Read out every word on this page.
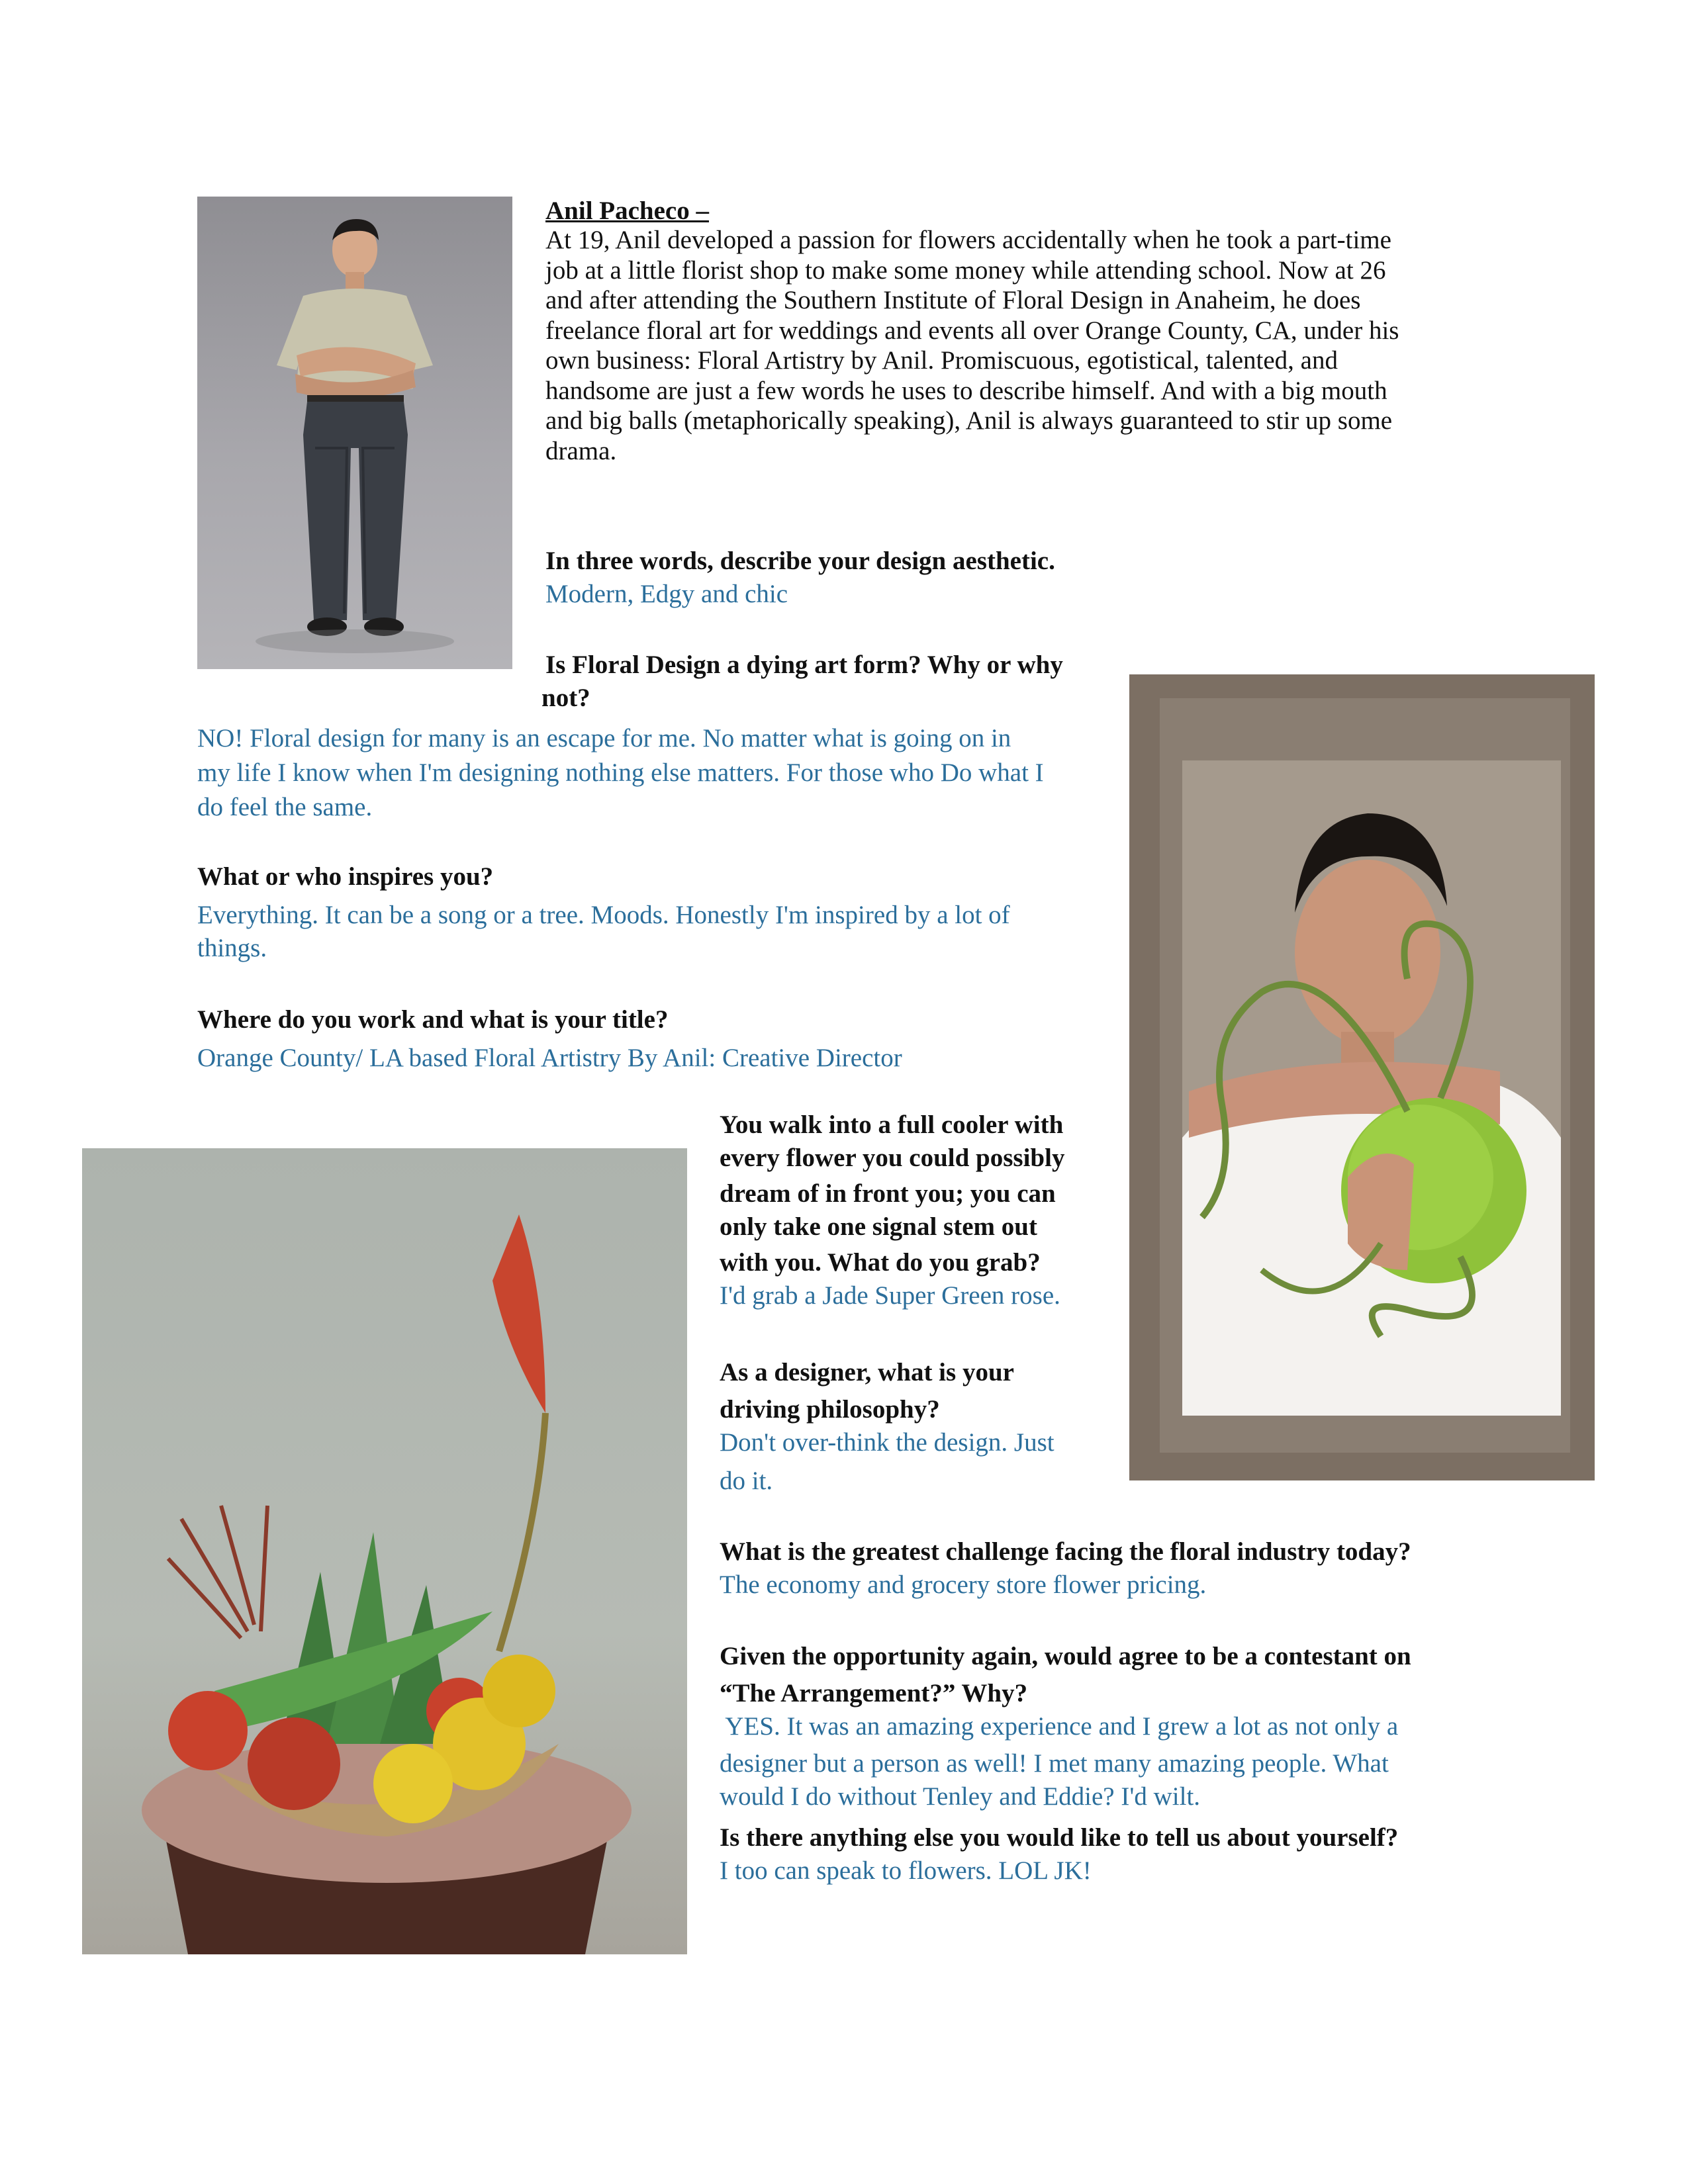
Anil Pacheco –
At 19, Anil developed a passion for flowers accidentally when he took a part-time
job at a little florist shop to make some money while attending school. Now at 26
and after attending the Southern Institute of Floral Design in Anaheim, he does
freelance floral art for weddings and events all over Orange County, CA, under his
own business: Floral Artistry by Anil. Promiscuous, egotistical, talented, and
handsome are just a few words he uses to describe himself. And with a big mouth
and big balls (metaphorically speaking), Anil is always guaranteed to stir up some
drama.
In three words, describe your design aesthetic.
Modern, Edgy and chic
Is Floral Design a dying art form? Why or why
not?
NO! Floral design for many is an escape for me. No matter what is going on in
my life I know when I'm designing nothing else matters. For those who Do what I
do feel the same.
What or who inspires you?
Everything. It can be a song or a tree. Moods. Honestly I'm inspired by a lot of
things.
Where do you work and what is your title?
Orange County/ LA based Floral Artistry By Anil: Creative Director
You walk into a full cooler with
every flower you could possibly
dream of in front you; you can
only take one signal stem out
with you. What do you grab?
I'd grab a Jade Super Green rose.
As a designer, what is your
driving philosophy?
Don't over-think the design. Just
do it.
What is the greatest challenge facing the floral industry today?
The economy and grocery store flower pricing.
Given the opportunity again, would agree to be a contestant on
“The Arrangement?” Why?
YES. It was an amazing experience and I grew a lot as not only a
designer but a person as well! I met many amazing people. What
would I do without Tenley and Eddie? I'd wilt.
Is there anything else you would like to tell us about yourself?
I too can speak to flowers. LOL JK!
